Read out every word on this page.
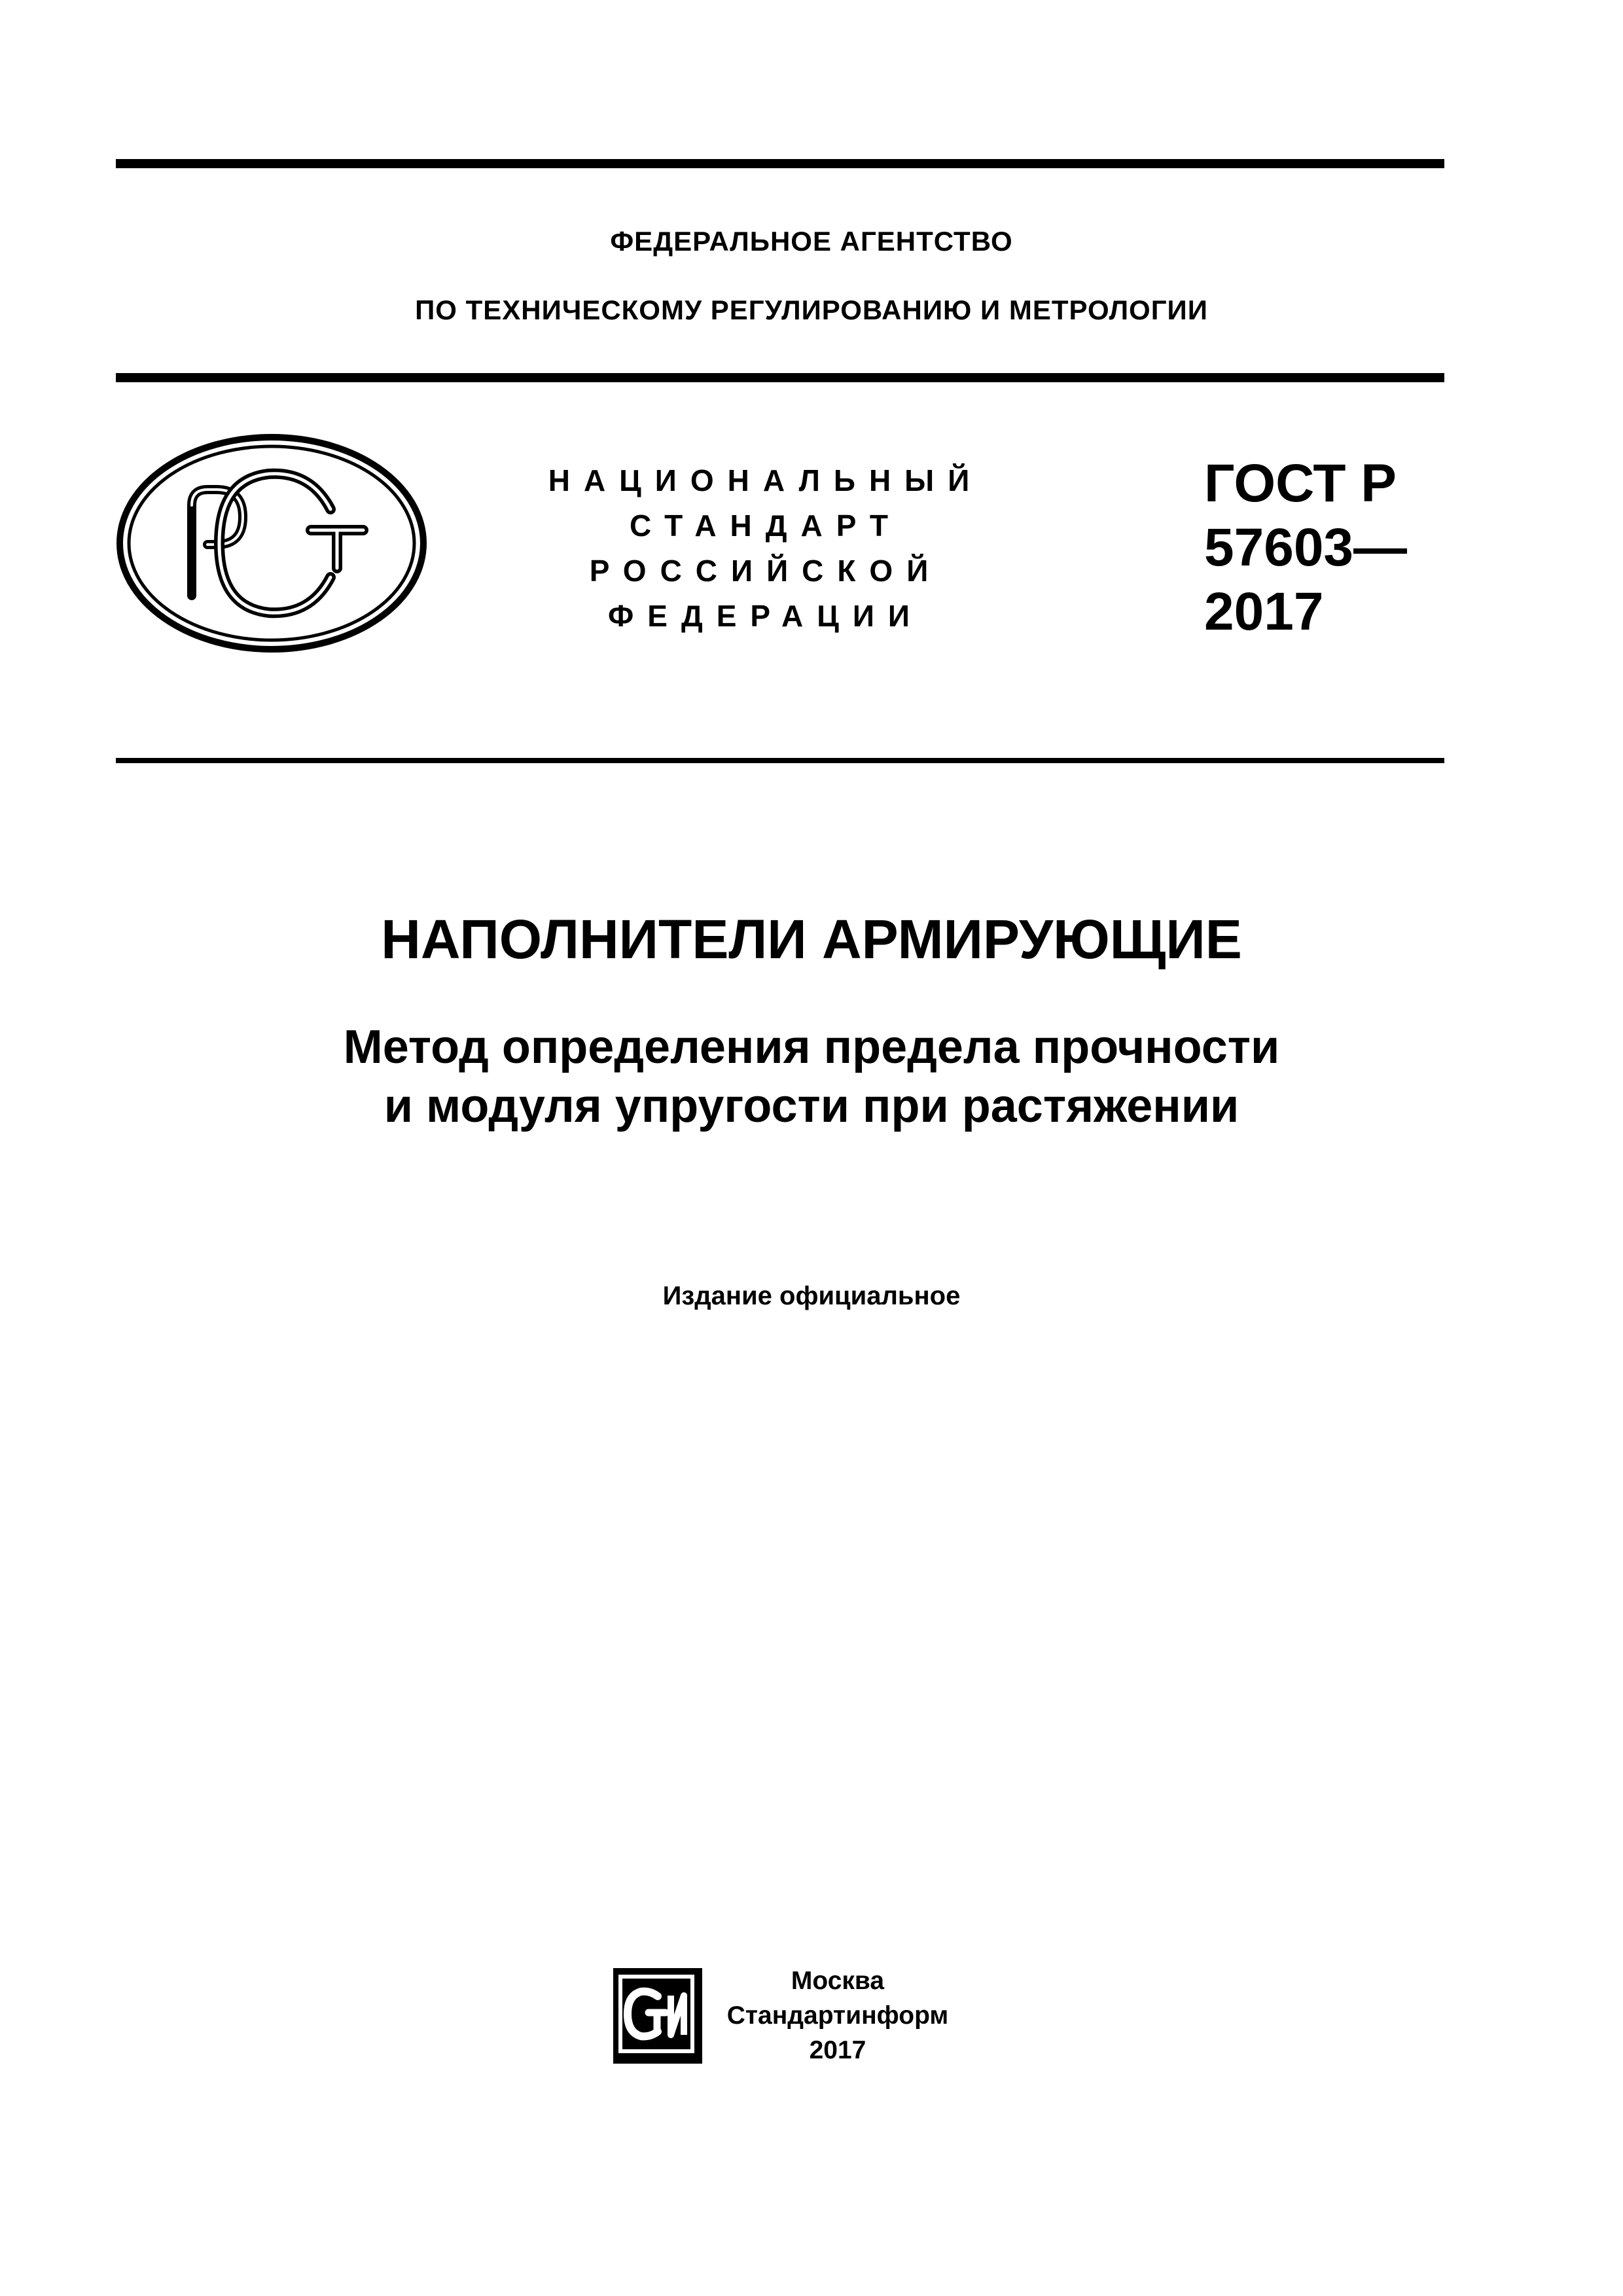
ФЕДЕРАЛЬНОЕ АГЕНТСТВО
ПО ТЕХНИЧЕСКОМУ РЕГУЛИРОВАНИЮ И МЕТРОЛОГИИ
НАЦИОНАЛЬНЫЙ
СТАНДАРТ
РОССИЙСКОЙ
ФЕДЕРАЦИИ
ГОСТ Р
57603—
2017
НАПОЛНИТЕЛИ АРМИРУЮЩИЕ
Метод определения предела прочности
и модуля упругости при растяжении
Издание официальное
Москва
Стандартинформ
2017
